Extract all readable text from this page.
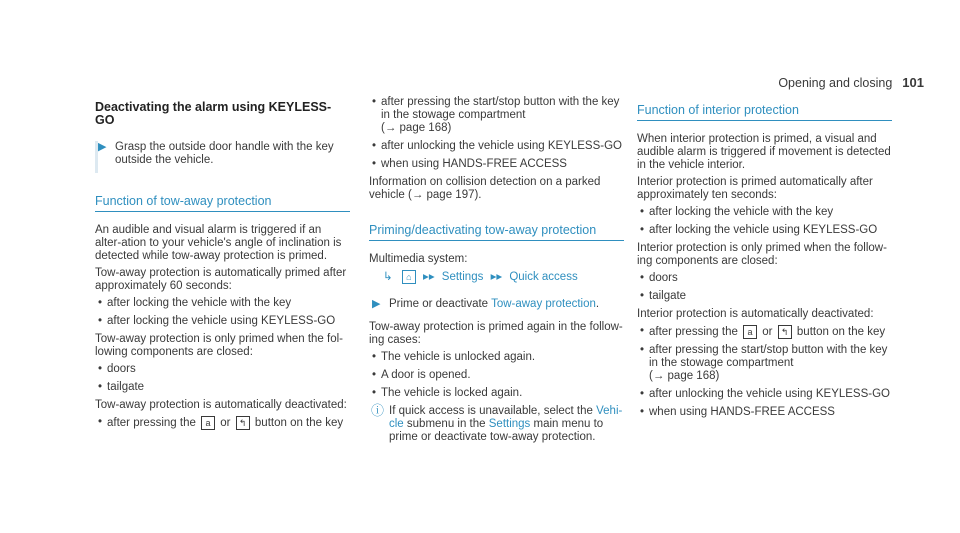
Opening and closing 101
Deactivating the alarm using KEYLESS-GO
▶ Grasp the outside door handle with the key outside the vehicle.
Function of tow-away protection

An audible and visual alarm is triggered if an alter-ation to your vehicle's angle of inclination is detected while tow-away protection is primed.

Tow-away protection is automatically primed after approximately 60 seconds:

• after locking the vehicle with the key
• after locking the vehicle using KEYLESS-GO

Tow-away protection is only primed when the fol-lowing components are closed:

• doors
• tailgate

Tow-away protection is automatically deactivated:

• after pressing the a or ↰ button on the key
• after pressing the start/stop button with the key in the stowage compartment
(→ page 168)
• after unlocking the vehicle using KEYLESS-GO
• when using HANDS-FREE ACCESS

Information on collision detection on a parked vehicle (→ page 197).

Priming/deactivating tow-away protection

Multimedia system:

↳ ⌂ ▸▸ Settings ▸▸ Quick access
▶ Prime or deactivate Tow-away protection.

Tow-away protection is primed again in the follow-ing cases:

• The vehicle is unlocked again.
• A door is opened.
• The vehicle is locked again.
ⓘ If quick access is unavailable, select the Vehi-cle submenu in the Settings main menu to prime or deactivate tow-away protection.
Function of interior protection

When interior protection is primed, a visual and audible alarm is triggered if movement is detected in the vehicle interior.

Interior protection is primed automatically after approximately ten seconds:

• after locking the vehicle with the key
• after locking the vehicle using KEYLESS-GO

Interior protection is only primed when the follow-ing components are closed:

• doors
• tailgate

Interior protection is automatically deactivated:

• after pressing the a or ↰ button on the key
• after pressing the start/stop button with the key in the stowage compartment
(→ page 168)
• after unlocking the vehicle using KEYLESS-GO
• when using HANDS-FREE ACCESS
